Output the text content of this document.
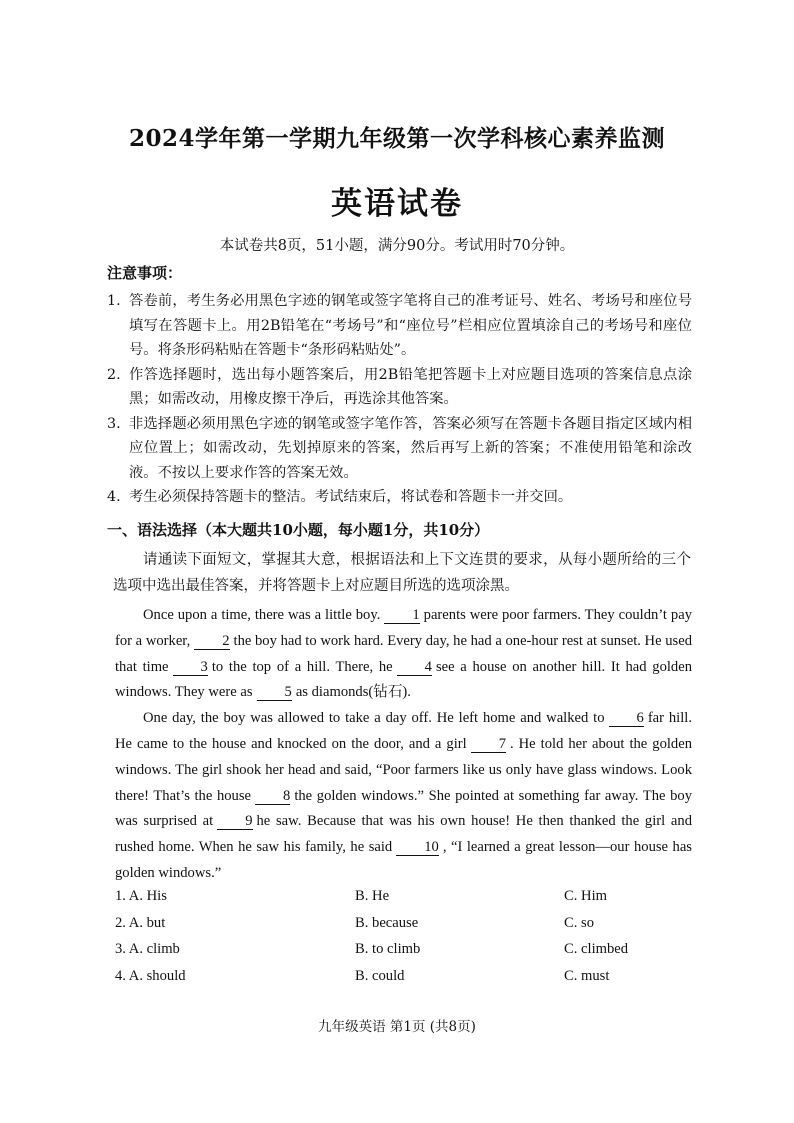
2024学年第一学期九年级第一次学科核心素养监测
英语试卷
本试卷共8页，51小题，满分90分。考试用时70分钟。
注意事项：
1. 答卷前，考生务必用黑色字迹的钢笔或签字笔将自己的准考证号、姓名、考场号和座位号填写在答题卡上。用2B铅笔在“考场号”和“座位号”栏相应位置填涂自己的考场号和座位号。将条形码粘贴在答题卡“条形码粘贴处”。
2. 作答选择题时，选出每小题答案后，用2B铅笔把答题卡上对应题目选项的答案信息点涂黑；如需改动，用橡皮擦干净后，再选涂其他答案。
3. 非选择题必须用黑色字迹的钢笔或签字笔作答，答案必须写在答题卡各题目指定区域内相应位置上；如需改动，先划掉原来的答案，然后再写上新的答案；不准使用铅笔和涂改液。不按以上要求作答的答案无效。
4. 考生必须保持答题卡的整洁。考试结束后，将试卷和答题卡一并交回。
一、语法选择（本大题共10小题，每小题1分，共10分）
请通读下面短文，掌握其大意，根据语法和上下文连贯的要求，从每小题所给的三个选项中选出最佳答案，并将答题卡上对应题目所选的选项涂黑。

Once upon a time, there was a little boy. 1 parents were poor farmers. They couldn’t pay for a worker, 2 the boy had to work hard. Every day, he had a one-hour rest at sunset. He used that time 3 to the top of a hill. There, he 4 see a house on another hill. It had golden windows. They were as 5 as diamonds(钻石).

One day, the boy was allowed to take a day off. He left home and walked to 6 far hill. He came to the house and knocked on the door, and a girl 7 . He told her about the golden windows. The girl shook her head and said, “Poor farmers like us only have glass windows. Look there! That’s the house 8 the golden windows.” She pointed at something far away. The boy was surprised at 9 he saw. Because that was his own house! He then thanked the girl and rushed home. When he saw his family, he said 10 , “I learned a great lesson—our house has golden windows.”

1. A. His	B. He	C. Him
2. A. but	B. because	C. so
3. A. climb	B. to climb	C. climbed
4. A. should	B. could	C. must
九年级英语 第1页 (共8页)
